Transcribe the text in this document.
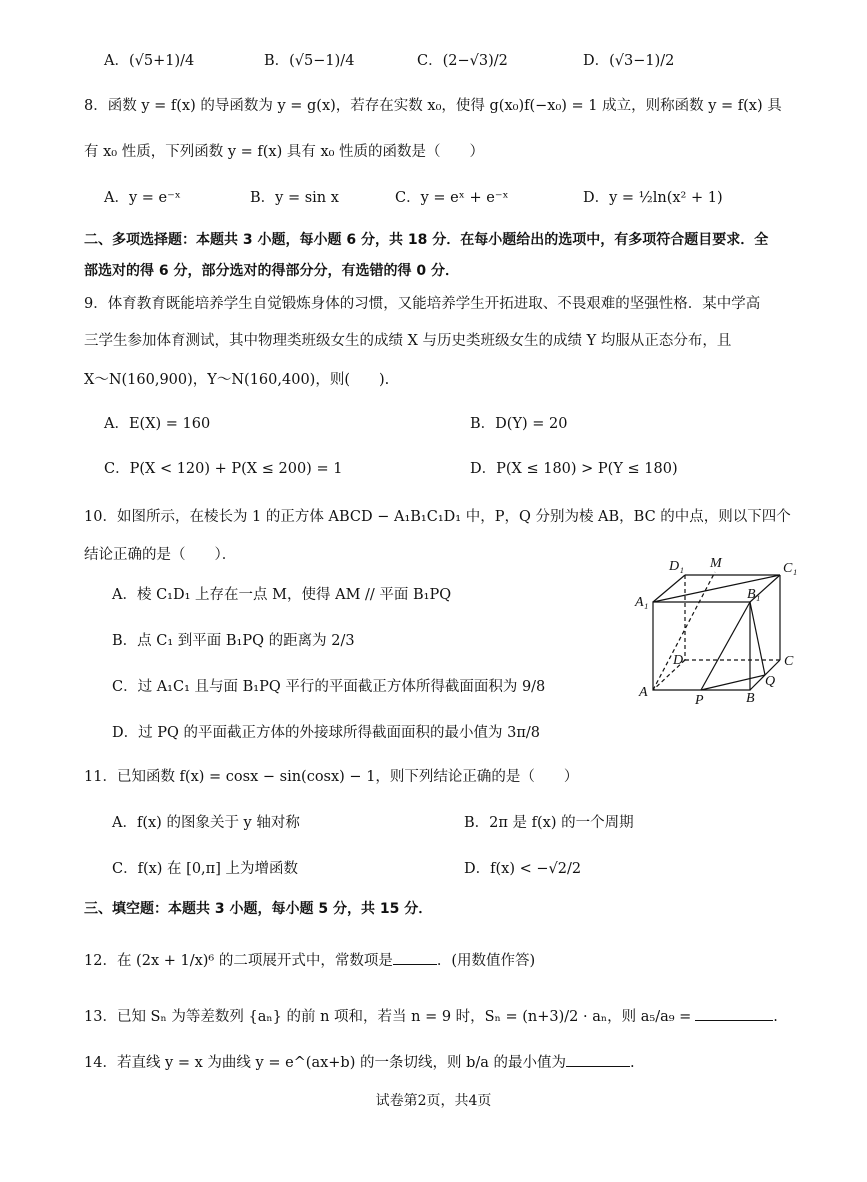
A．(√5+1)/4	B．(√5−1)/4	C．(2−√3)/2	D．(√3−1)/2
8．函数 y = f(x) 的导函数为 y = g(x)，若存在实数 x₀，使得 g(x₀)f(−x₀) = 1 成立，则称函数 y = f(x) 具
有 x₀ 性质，下列函数 y = f(x) 具有 x₀ 性质的函数是（　　）
A．y = e⁻ˣ	B．y = sin x	C．y = eˣ + e⁻ˣ	D．y = ½ln(x² + 1)
二、多项选择题：本题共 3 小题，每小题 6 分，共 18 分．在每小题给出的选项中，有多项符合题目要求．全
部选对的得 6 分，部分选对的得部分分，有选错的得 0 分．
9．体育教育既能培养学生自觉锻炼身体的习惯，又能培养学生开拓进取、不畏艰难的坚强性格．某中学高
三学生参加体育测试，其中物理类班级女生的成绩 X 与历史类班级女生的成绩 Y 均服从正态分布，且
X～N(160,900)，Y～N(160,400)，则(　　).
A．E(X) = 160	B．D(Y) = 20
C．P(X < 120) + P(X ≤ 200) = 1	D．P(X ≤ 180) > P(Y ≤ 180)
10．如图所示，在棱长为 1 的正方体 ABCD − A₁B₁C₁D₁ 中，P，Q 分别为棱 AB，BC 的中点，则以下四个
结论正确的是（　　）．
A．棱 C₁D₁ 上存在一点 M，使得 AM // 平面 B₁PQ
B．点 C₁ 到平面 B₁PQ 的距离为 2/3
C．过 A₁C₁ 且与面 B₁PQ 平行的平面截正方体所得截面面积为 9/8
D．过 PQ 的平面截正方体的外接球所得截面面积的最小值为 3π/8
D₁ M	C₁
A₁
B₁
D	C
Q
A
P	B
11．已知函数 f(x) = cosx − sin(cosx) − 1，则下列结论正确的是（　　）
A．f(x) 的图象关于 y 轴对称	B．2π 是 f(x) 的一个周期
C．f(x) 在 [0,π] 上为增函数	D．f(x) < −√2/2
三、填空题：本题共 3 小题，每小题 5 分，共 15 分．
12．在 (2x + 1/x)⁶ 的二项展开式中，常数项是	．(用数值作答)
13．已知 Sₙ 为等差数列 {aₙ} 的前 n 项和，若当 n = 9 时，Sₙ = (n+3)/2 · aₙ，则 a₅/a₉ =	.
14．若直线 y = x 为曲线 y = e^(ax+b) 的一条切线，则 b/a 的最小值为	.
试卷第2页，共4页
